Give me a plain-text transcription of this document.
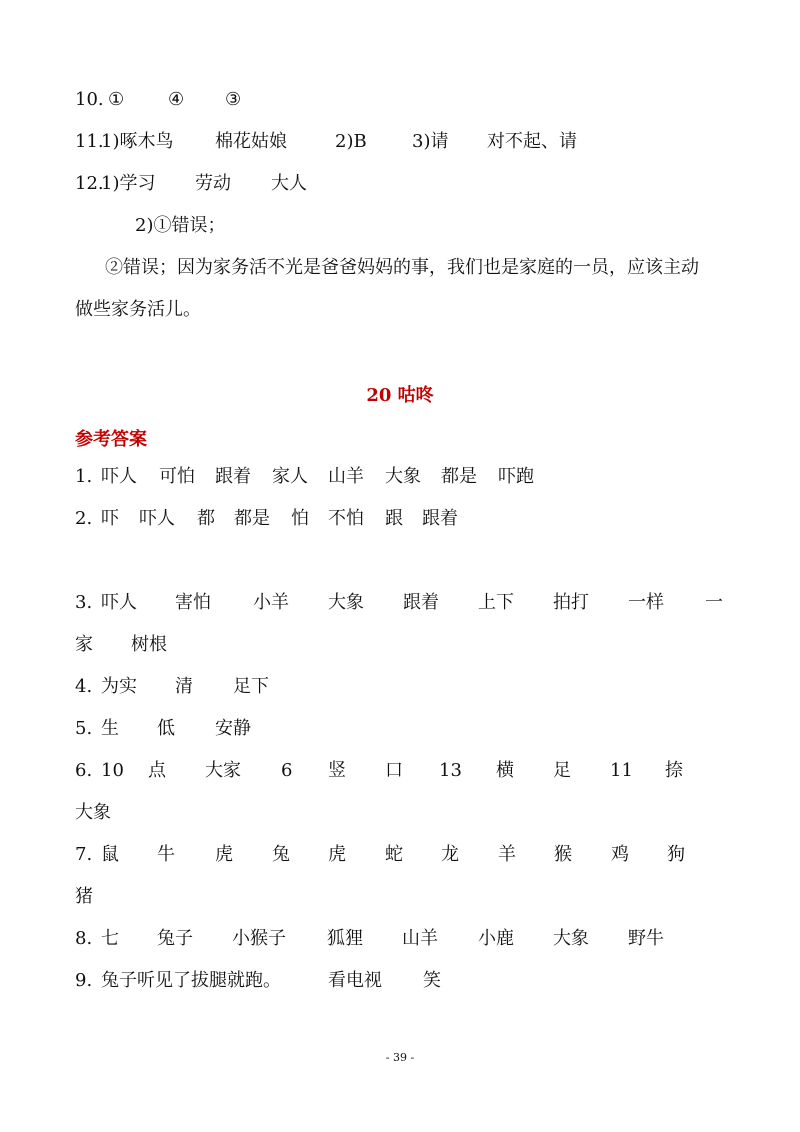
10. ① ④ ③
11.
1)啄木鸟 棉花姑娘	2)B	3)请 对不起、请
12.
1)学习 劳动 大人
2)①错误；
②错误；因为家务活不光是爸爸妈妈的事，我们也是家庭的一员，应该主动
做些家务活儿。
20 咕咚
参考答案
1. 吓人 可怕 跟着 家人 山羊 大象 都是 吓跑
2. 吓 吓人 都 都是 怕 不怕 跟 跟着
3. 吓人 害怕 小羊 大象 跟着 上下 拍打 一样 一
家 树根
4. 为实 清 足下
5. 生 低 安静
6. 10 点 大家 6 竖 口 13 横 足 11 捺
大象
7. 鼠 牛 虎 兔 虎 蛇 龙 羊 猴 鸡 狗
猪
8. 七 兔子 小猴子 狐狸 山羊 小鹿 大象 野牛
9. 兔子听见了拔腿就跑。	看电视 笑
- 39 -
